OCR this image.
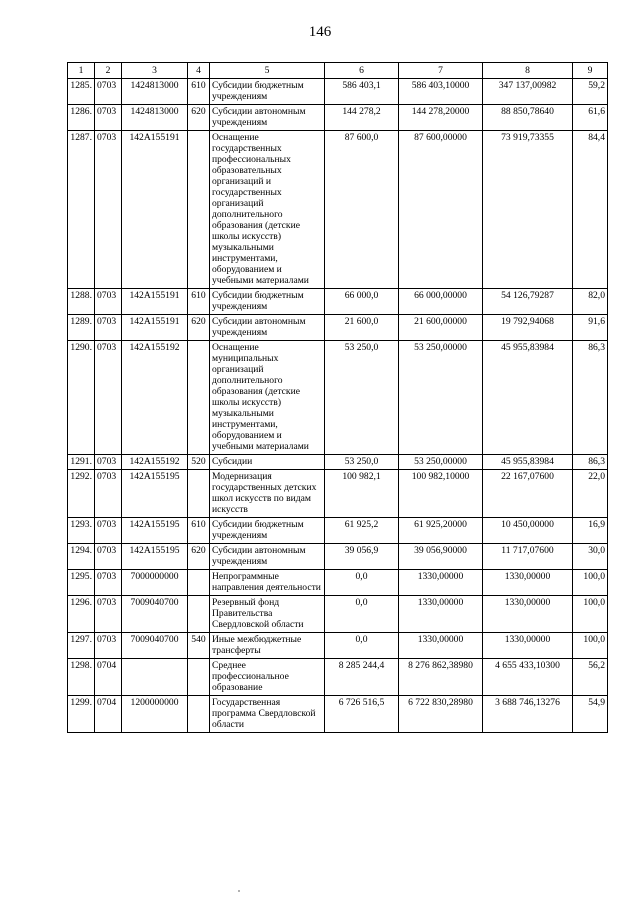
146
1	2	3	4	5	6	7	8	9
1285.	0703	1424813000	610	Субсидии бюджетным учреждениям	586 403,1	586 403,10000	347 137,00982	59,2
1286.	0703	1424813000	620	Субсидии автономным учреждениям	144 278,2	144 278,20000	88 850,78640	61,6
1287.	0703	142A155191		Оснащение государственных профессиональных образовательных организаций и государственных организаций дополнительного образования (детские школы искусств) музыкальными инструментами, оборудованием и учебными материалами	87 600,0	87 600,00000	73 919,73355	84,4
1288.	0703	142A155191	610	Субсидии бюджетным учреждениям	66 000,0	66 000,00000	54 126,79287	82,0
1289.	0703	142A155191	620	Субсидии автономным учреждениям	21 600,0	21 600,00000	19 792,94068	91,6
1290.	0703	142A155192		Оснащение муниципальных организаций дополнительного образования (детские школы искусств) музыкальными инструментами, оборудованием и учебными материалами	53 250,0	53 250,00000	45 955,83984	86,3
1291.	0703	142A155192	520	Субсидии	53 250,0	53 250,00000	45 955,83984	86,3
1292.	0703	142A155195		Модернизация государственных детских школ искусств по видам искусств	100 982,1	100 982,10000	22 167,07600	22,0
1293.	0703	142A155195	610	Субсидии бюджетным учреждениям	61 925,2	61 925,20000	10 450,00000	16,9
1294.	0703	142A155195	620	Субсидии автономным учреждениям	39 056,9	39 056,90000	11 717,07600	30,0
1295.	0703	7000000000		Непрограммные направления деятельности	0,0	1330,00000	1330,00000	100,0
1296.	0703	7009040700		Резервный фонд Правительства Свердловской области	0,0	1330,00000	1330,00000	100,0
1297.	0703	7009040700	540	Иные межбюджетные трансферты	0,0	1330,00000	1330,00000	100,0
1298.	0704			Среднее профессиональное образование	8 285 244,4	8 276 862,38980	4 655 433,10300	56,2
1299.	0704	1200000000		Государственная программа Свердловской области	6 726 516,5	6 722 830,28980	3 688 746,13276	54,9
